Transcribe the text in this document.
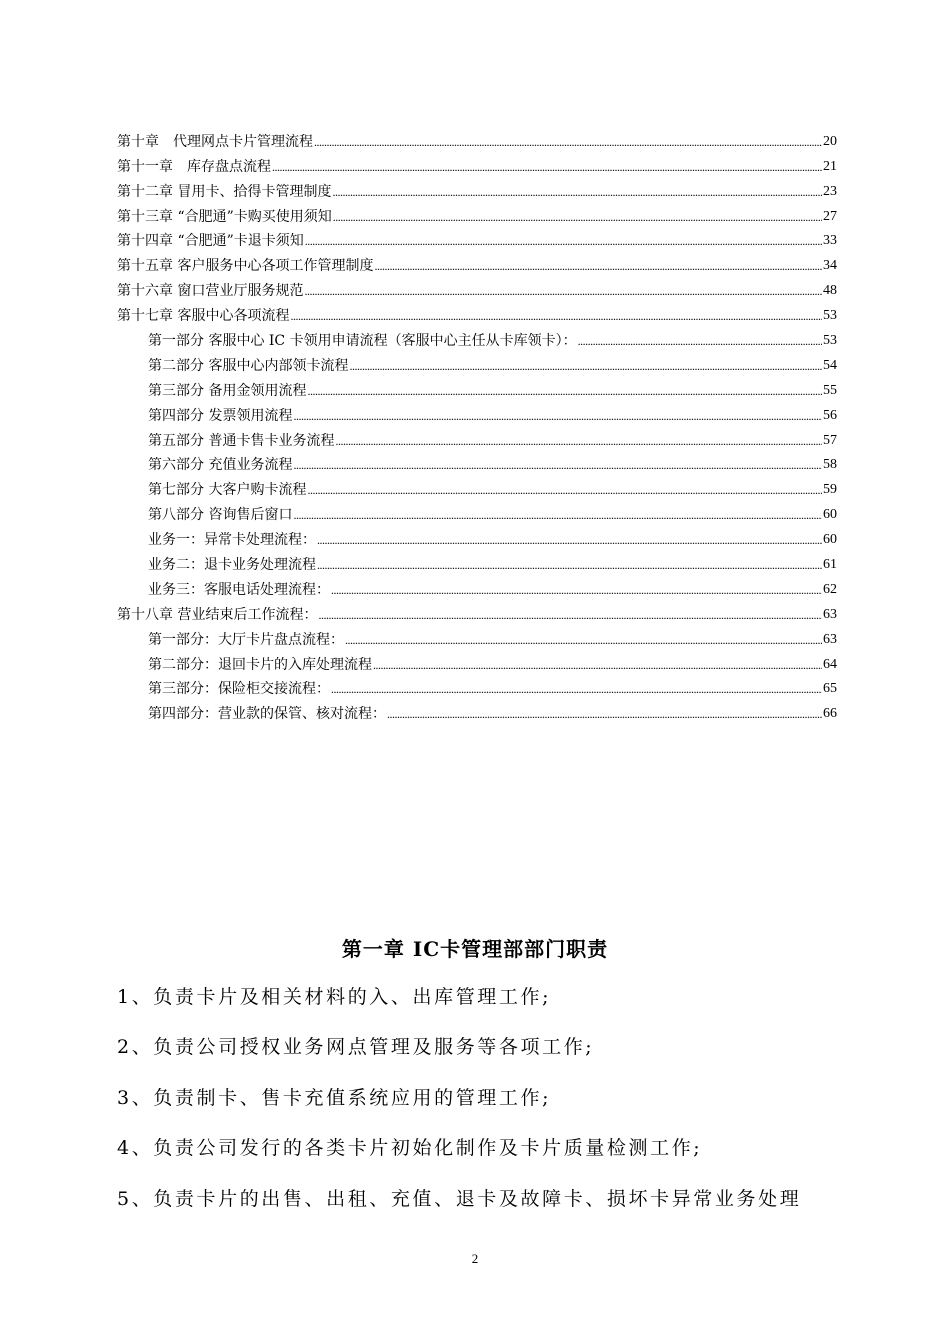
第十章　代理网点卡片管理流程 .....	20
第十一章　库存盘点流程 .....	21
第十二章 冒用卡、拾得卡管理制度 .....	23
第十三章 “合肥通”卡购买使用须知 .....	27
第十四章 “合肥通”卡退卡须知 .....	33
第十五章 客户服务中心各项工作管理制度 .....	34
第十六章 窗口营业厅服务规范 .....	48
第十七章 客服中心各项流程 .....	53
第一部分 客服中心 IC 卡领用申请流程（客服中心主任从卡库领卡）： .....	53
第二部分 客服中心内部领卡流程 .....	54
第三部分 备用金领用流程 .....	55
第四部分 发票领用流程 .....	56
第五部分 普通卡售卡业务流程 .....	57
第六部分 充值业务流程 .....	58
第七部分 大客户购卡流程 .....	59
第八部分 咨询售后窗口 .....	60
业务一：异常卡处理流程： .....	60
业务二：退卡业务处理流程 .....	61
业务三：客服电话处理流程： .....	62
第十八章 营业结束后工作流程： .....	63
第一部分：大厅卡片盘点流程： .....	63
第二部分：退回卡片的入库处理流程 .....	64
第三部分：保险柜交接流程： .....	65
第四部分：营业款的保管、核对流程： .....	66
第一章 IC卡管理部部门职责
1、负责卡片及相关材料的入、出库管理工作;
2、负责公司授权业务网点管理及服务等各项工作;
3、负责制卡、售卡充值系统应用的管理工作;
4、负责公司发行的各类卡片初始化制作及卡片质量检测工作;
5、负责卡片的出售、出租、充值、退卡及故障卡、损坏卡异常业务处理
2
